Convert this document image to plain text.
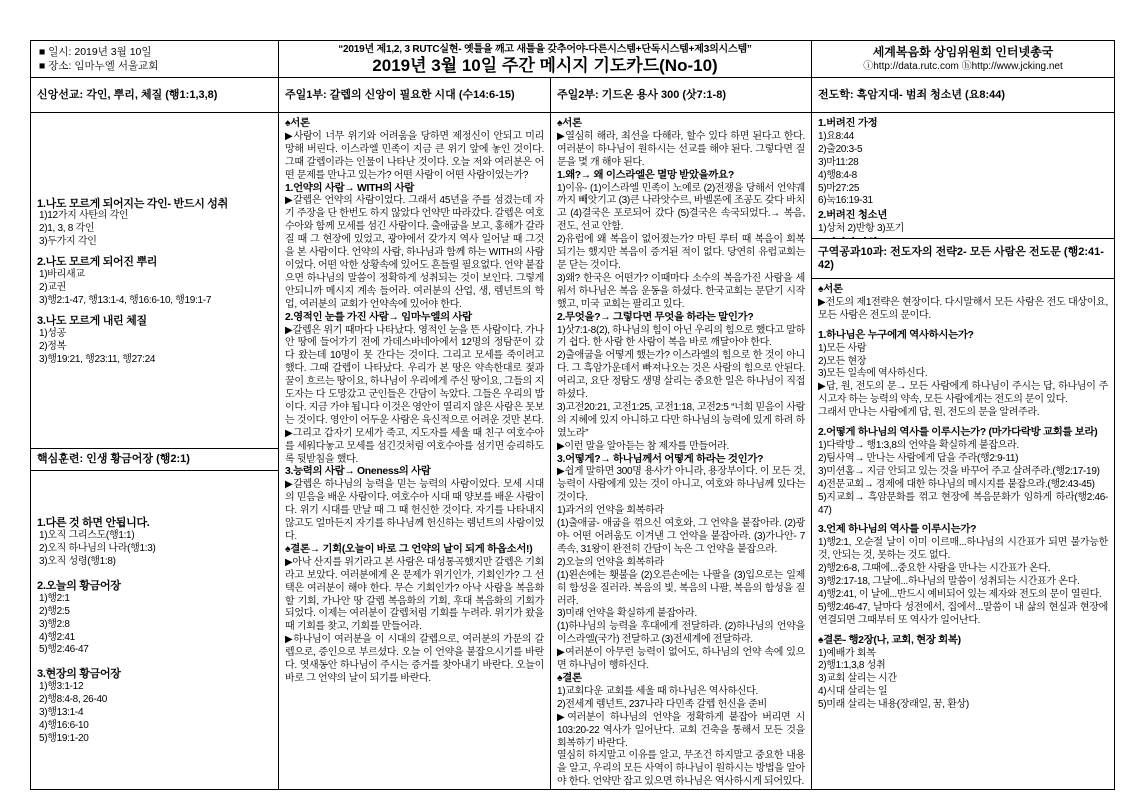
■ 일시: 2019년 3월 10일
■ 장소: 임마누엘 서울교회
“2019년 제1,2, 3 RUTC실현- 옛틀을 깨고 새틀을 갖추어야-다른시스템+단독시스템+제3의시스템”
2019년 3월 10일 주간 메시지 기도카드(No-10)
세계복음화 상임위원회 인터넷총국
ⓘhttp://data.rutc.com ⓗhttp://www.jcking.net
신앙선교: 각인, 뿌리, 체질 (행1:1,3,8)	주일1부: 갈렙의 신앙이 필요한 시대 (수14:6-15)	주일2부: 기드온 용사 300 (삿7:1-8)	전도학: 흑암지대- 범죄 청소년 (요8:44)
1.나도 모르게 되어지는 각인- 반드시 성취
1)12가지 사탄의 각인
2)1, 3, 8 각인
3)두가지 각인
2.나도 모르게 되어진 뿌리
1)바리새교
2)교권
3)행2:1-47, 행13:1-4, 행16:6-10, 행19:1-7
3.나도 모르게 내린 체질
1)성공
2)정복
3)행19:21, 행23:11, 행27:24
핵심훈련: 인생 황금어장 (행2:1)
1.다른 것 하면 안됩니다.
1)오직 그리스도(행1:1)
2)오직 하나님의 나라(행1:3)
3)오직 성령(행1:8)
2.오늘의 황금어장
1)행2:1
2)행2:5
3)행2:8
4)행2:41
5)행2:46-47
3.현장의 황금어장
1)행3:1-12
2)행8:4-8, 26-40
3)행13:1-4
4)행16:6-10
5)행19:1-20
♠서론
▶사람이 너무 위기와 어려움을 당하면 제정신이 안되고 미리 망해 버린다. 이스라엘 민족이 지금 큰 위기 앞에 놓인 것이다. 그때 갈렙이라는 인물이 나타난 것이다. 오늘 저와 여러분은 어떤 문제를 만나고 있는가? 어떤 사람이 어떤 사람이었는가?
1.언약의 사람→ WITH의 사람
▶갈렙은 언약의 사람이었다. 그래서 45년을 주를 섬겼는데 자기 주장을 단 한번도 하지 않았다 언약만 따라갔다. 갈렙은 여호수아와 함께 모세를 섬긴 사람이다. 출애굽을 보고, 홍해가 갈라질 때 그 현장에 있었고, 광야에서 갖가지 역사 일어날 때 그것을 본 사람이다. 언약의 사람, 하나님과 함께 하는 WITH의 사람이었다. 어떤 악한 상황속에 있어도 흔들릴 필요없다. 언약 붙잡으면 하나님의 말씀이 정확하게 성취되는 것이 보인다. 그렇게 안되니까 메시지 계속 들어라. 여러분의 산업, 생, 렘넌트의 학업, 여러분의 교회가 언약속에 있어야 한다.
2.영적인 눈를 가진 사람→ 임마누엘의 사람
▶갈렙은 위기 때마다 나타났다. 영적인 눈을 뜬 사람이다. 가나안 땅에 들어가기 전에 가데스바네아에서 12명의 정탐꾼이 갔다 왔는데 10명이 못 간다는 것이다. 그리고 모세를 죽이려고 했다. 그때 갈렙이 나타났다. 우리가 본 땅은 약속한대로 젖과 꿀이 흐르는 땅이요, 하나님이 우리에게 주신 땅이요, 그들의 지도자는 다 도망갔고 군인들은 간담이 녹았다. 그들은 우리의 밥이다. 지금 가야 됩니다 이것은 영안이 열리지 않은 사람은 못보는 것이다. 영안이 어두운 사람은 육신적으로 어려운 것만 본다.
▶그리고 갑자기 모세가 죽고, 지도자를 세울 때 친구 여호수아를 세워다놓고 모세를 섬긴것처럼 여호수아를 섬기면 승리하도록 뒷받침을 했다.
3.능력의 사람→ Oneness의 사람
▶갈렙은 하나님의 능력을 믿는 능력의 사람이었다. 모세 시대의 믿음을 배운 사람이다. 여호수아 시대 때 양보를 배운 사람이다. 위기 시대를 만날 때 그 때 헌신한 것이다. 자기를 나타내지 않고도 얼마든지 자기를 하나님께 헌신하는 렘넌트의 사람이었다.
♠결론→ 기회(오늘이 바로 그 언약의 날이 되게 하옵소서!)
▶아낙 산지를 위기라고 본 사람은 대성통곡했지만 갈렙은 기회라고 보았다. 여러분에게 온 문제가 위기인가, 기회인가? 그 선택은 여러분이 해야 한다. 무슨 기회인가? 아낙 사람을 복음화 할 기회, 가나안 땅 갈렙 복음화의 기회, 후대 복음화의 기회가 되었다. 이제는 여러분이 갈렙처럼 기회를 누려라. 위기가 왔을 때 기회를 찾고, 기회를 만들어라.
▶하나님이 여러분을 이 시대의 갈렙으로, 여러분의 가문의 갈렙으로, 증인으로 부르셨다. 오늘 이 언약을 붙잡으시기를 바란다. 엿새동안 하나님이 주시는 증거를 찾아내기 바란다. 오늘이 바로 그 언약의 날이 되기를 바란다.
♠서론
▶열심히 해라, 최선을 다해라, 할수 있다 하면 된다고 한다. 여러분이 하나님이 원하시는 선교를 해야 된다. 그렇다면 질문을 몇 개 해야 된다.
1.왜?→ 왜 이스라엘은 멸망 받았을까요?
1)이유- (1)이스라엘 민족이 노예로 (2)전쟁을 당해서 언약궤까지 빼앗기고 (3)큰 나라앗수르, 바벨론에 조공도 갖다 바치고 (4)결국은 포로되어 갔다 (5)결국은 속국되었다.→ 복음, 전도, 선교 안함.
2)유럽에 왜 복음이 없어졌는가? 마틴 루터 때 복음이 회복되기는 했지만 복음이 증거된 적이 없다. 당연히 유럽교회는 문 닫는 것이다.
3)왜? 한국은 어떤가? 이때마다 소수의 복음가진 사람을 세워서 하나님은 복음 운동을 하셨다. 한국교회는 문닫기 시작했고, 미국 교회는 팔리고 있다.
2.무엇을?→ 그렇다면 무엇을 하라는 말인가?
1)삿7:1-8(2), 하나님의 힘이 아닌 우리의 힘으로 했다고 말하기 쉽다. 한 사람 한 사람이 복음 바로 깨달아야 한다.
2)출애굽을 어떻게 했는가? 이스라엘의 힘으로 한 것이 아니다. 그 흑암가운데서 빠져나오는 것은 사람의 힘으로 안된다. 여리고, 요단 정탐도 생명 살리는 중요한 일은 하나님이 직접하셨다.
3)고전20:21, 고전1:25, 고전1:18, 고전2:5 “너희 믿음이 사람의 지혜에 있지 아니하고 다만 하나님의 능력에 있게 하려 하였노라”
▶이런 말을 알아듣는 참 제자를 만들어라.
3.어떻게?→ 하나님께서 어떻게 하라는 것인가?
▶쉽게 말하면 300명 용사가 아니라, 용장부이다. 이 모든 것, 능력이 사람에게 있는 것이 아니고, 여호와 하나님께 있다는 것이다.
1)과거의 언약을 회복하라
(1)출애굽- 애굽을 꺾으신 여호와, 그 언약을 붙잡아라. (2)광야- 어떤 어려움도 이겨낸 그 언약을 붙잡아라. (3)가나안- 7족속, 31왕이 완전히 간담이 녹은 그 언약을 붙잡으라.
2)오늘의 언약을 회복하라
(1)왼손에는 횃불을 (2)오른손에는 나팔을 (3)입으로는 일제히 함성을 질러라. 복음의 빛, 복음의 나팔, 복음의 함성을 질러라.
3)미래 언약을 확실하게 붙잡아라.
(1)하나님의 능력을 후대에게 전달하라. (2)하나님의 언약을 이스라엘(국가) 전달하고 (3)전세계에 전달하라.
▶여러분이 아무런 능력이 없어도, 하나님의 언약 속에 있으면 하나님이 행하신다.
♠결론
1)교회다운 교회를 세울 때 하나님은 역사하신다.
2)전세계 렘넌트, 237나라 다민족 갈렙 헌신을 준비
▶여러분이 하나님의 언약을 정확하게 붙잡아 버리면 시103:20-22 역사가 일어난다. 교회 건축을 통해서 모든 것을 회복하기 바란다.
열심히 하지말고 이유를 알고, 무조건 하지말고 중요한 내용을 알고, 우리의 모든 사역이 하나님이 원하시는 방법을 알아야 한다. 언약만 잡고 있으면 하나님은 역사하시게 되어있다.
1.버려진 가정
1)요8:44
2)출20:3-5
3)마11:28
4)행8:4-8
5)마27:25
6)눅16:19-31
2.버려진 청소년
1)상처 2)반항 3)포기
구역공과10과: 전도자의 전략2- 모든 사람은 전도문 (행2:41-42)
♠서론
▶전도의 제1전략은 현장이다. 다시말해서 모든 사람은 전도 대상이요, 모든 사람은 전도의 문이다.
1.하나님은 누구에게 역사하시는가?
1)모든 사람
2)모든 현장
3)모든 일속에 역사하신다.
▶답, 원, 전도의 문→ 모든 사람에게 하나님이 주시는 답, 하나님이 주시고자 하는 능력의 약속, 모든 사람에게는 전도의 문이 있다.
그래서 만나는 사람에게 답, 원, 전도의 문을 알려주라.
2.어떻게 하나님의 역사를 이루시는가? (마가다락방 교회를 보라)
1)다락방→ 행1:3,8의 언약을 확실하게 붙잡으라.
2)팀사역→ 만나는 사람에게 답을 주라(행2:9-11)
3)미션홈→ 지금 안되고 있는 것을 바꾸어 주고 살려주라.(행2:17-19)
4)전문교회→ 경제에 대한 하나님의 메시지를 붙잡으라.(행2:43-45)
5)지교회→ 흑암문화를 꺾고 현장에 복음문화가 임하게 하라(행2:46-47)
3.언제 하나님의 역사를 이루시는가?
1)행2:1, 오순절 날이 이미 이르매...하나님의 시간표가 되면 불가능한 것, 안되는 것, 못하는 것도 없다.
2)행2:6-8, 그때에...중요한 사람을 만나는 시간표가 온다.
3)행2:17-18, 그날에...하나님의 말씀이 성취되는 시간표가 온다.
4)행2:41, 이 날에...반드시 예비되어 있는 제자와 전도의 문이 열린다.
5)행2:46-47, 날마다 성전에서, 집에서...말씀이 내 삶의 현실과 현장에 연결되면 그때부터 또 역사가 일어난다.
♠결론- 행2장(나, 교회, 현장 회복)
1)예배가 회복
2)행1:1,3,8 성취
3)교회 살리는 시간
4)시대 살리는 일
5)미래 살리는 내용(장래일, 꿈, 환상)
